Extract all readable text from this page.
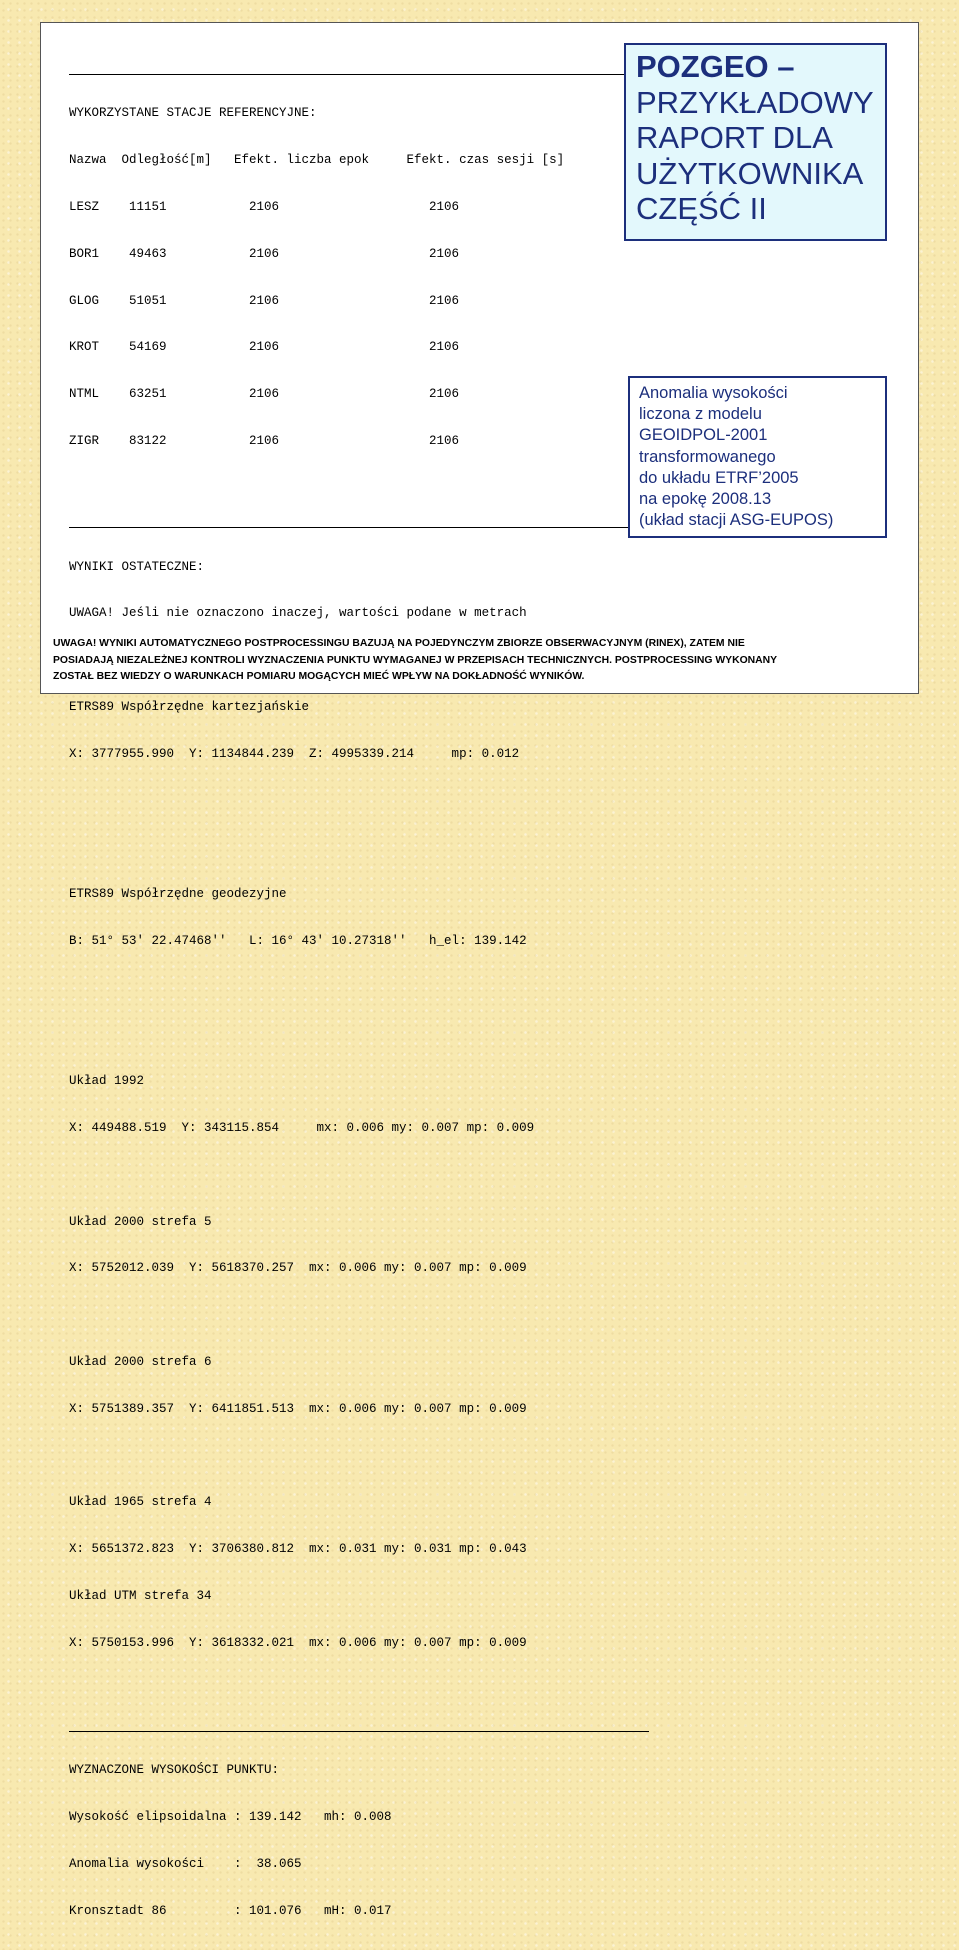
WYKORZYSTANE STACJE REFERENCYJNE:

Nazwa  Odległość[m]   Efekt. liczba epok     Efekt. czas sesji [s]

LESZ    11151           2106                    2106

BOR1    49463           2106                    2106

GLOG    51051           2106                    2106

KROT    54169           2106                    2106

NTML    63251           2106                    2106

ZIGR    83122           2106                    2106

WYNIKI OSTATECZNE:

UWAGA! Jeśli nie oznaczono inaczej, wartości podane w metrach

ETRS89 Współrzędne kartezjańskie

X: 3777955.990  Y: 1134844.239  Z: 4995339.214     mp: 0.012

ETRS89 Współrzędne geodezyjne

B: 51° 53' 22.47468''   L: 16° 43' 10.27318''   h_el: 139.142

Układ 1992

X: 449488.519  Y: 343115.854     mx: 0.006 my: 0.007 mp: 0.009

Układ 2000 strefa 5

X: 5752012.039  Y: 5618370.257  mx: 0.006 my: 0.007 mp: 0.009

Układ 2000 strefa 6

X: 5751389.357  Y: 6411851.513  mx: 0.006 my: 0.007 mp: 0.009

Układ 1965 strefa 4

X: 5651372.823  Y: 3706380.812  mx: 0.031 my: 0.031 mp: 0.043

Układ UTM strefa 34

X: 5750153.996  Y: 3618332.021  mx: 0.006 my: 0.007 mp: 0.009

WYZNACZONE WYSOKOŚCI PUNKTU:

Wysokość elipsoidalna : 139.142   mh: 0.008

Anomalia wysokości    :  38.065

Kronsztadt 86         : 101.076   mH: 0.017

POZGEO –
PRZYKŁADOWY
RAPORT DLA
UŻYTKOWNIKA
CZĘŚĆ II
Anomalia wysokości
liczona z modelu
GEOIDPOL-2001
transformowanego
do układu ETRF’2005
na epokę 2008.13
(układ stacji ASG-EUPOS)
UWAGA! WYNIKI AUTOMATYCZNEGO POSTPROCESSINGU BAZUJĄ NA POJEDYNCZYM ZBIORZE OBSERWACYJNYM (RINEX), ZATEM NIE
POSIADAJĄ NIEZALEŻNEJ KONTROLI WYZNACZENIA PUNKTU WYMAGANEJ W PRZEPISACH TECHNICZNYCH. POSTPROCESSING WYKONANY
ZOSTAŁ BEZ WIEDZY O WARUNKACH POMIARU MOGĄCYCH MIEĆ WPŁYW NA DOKŁADNOŚĆ WYNIKÓW.
